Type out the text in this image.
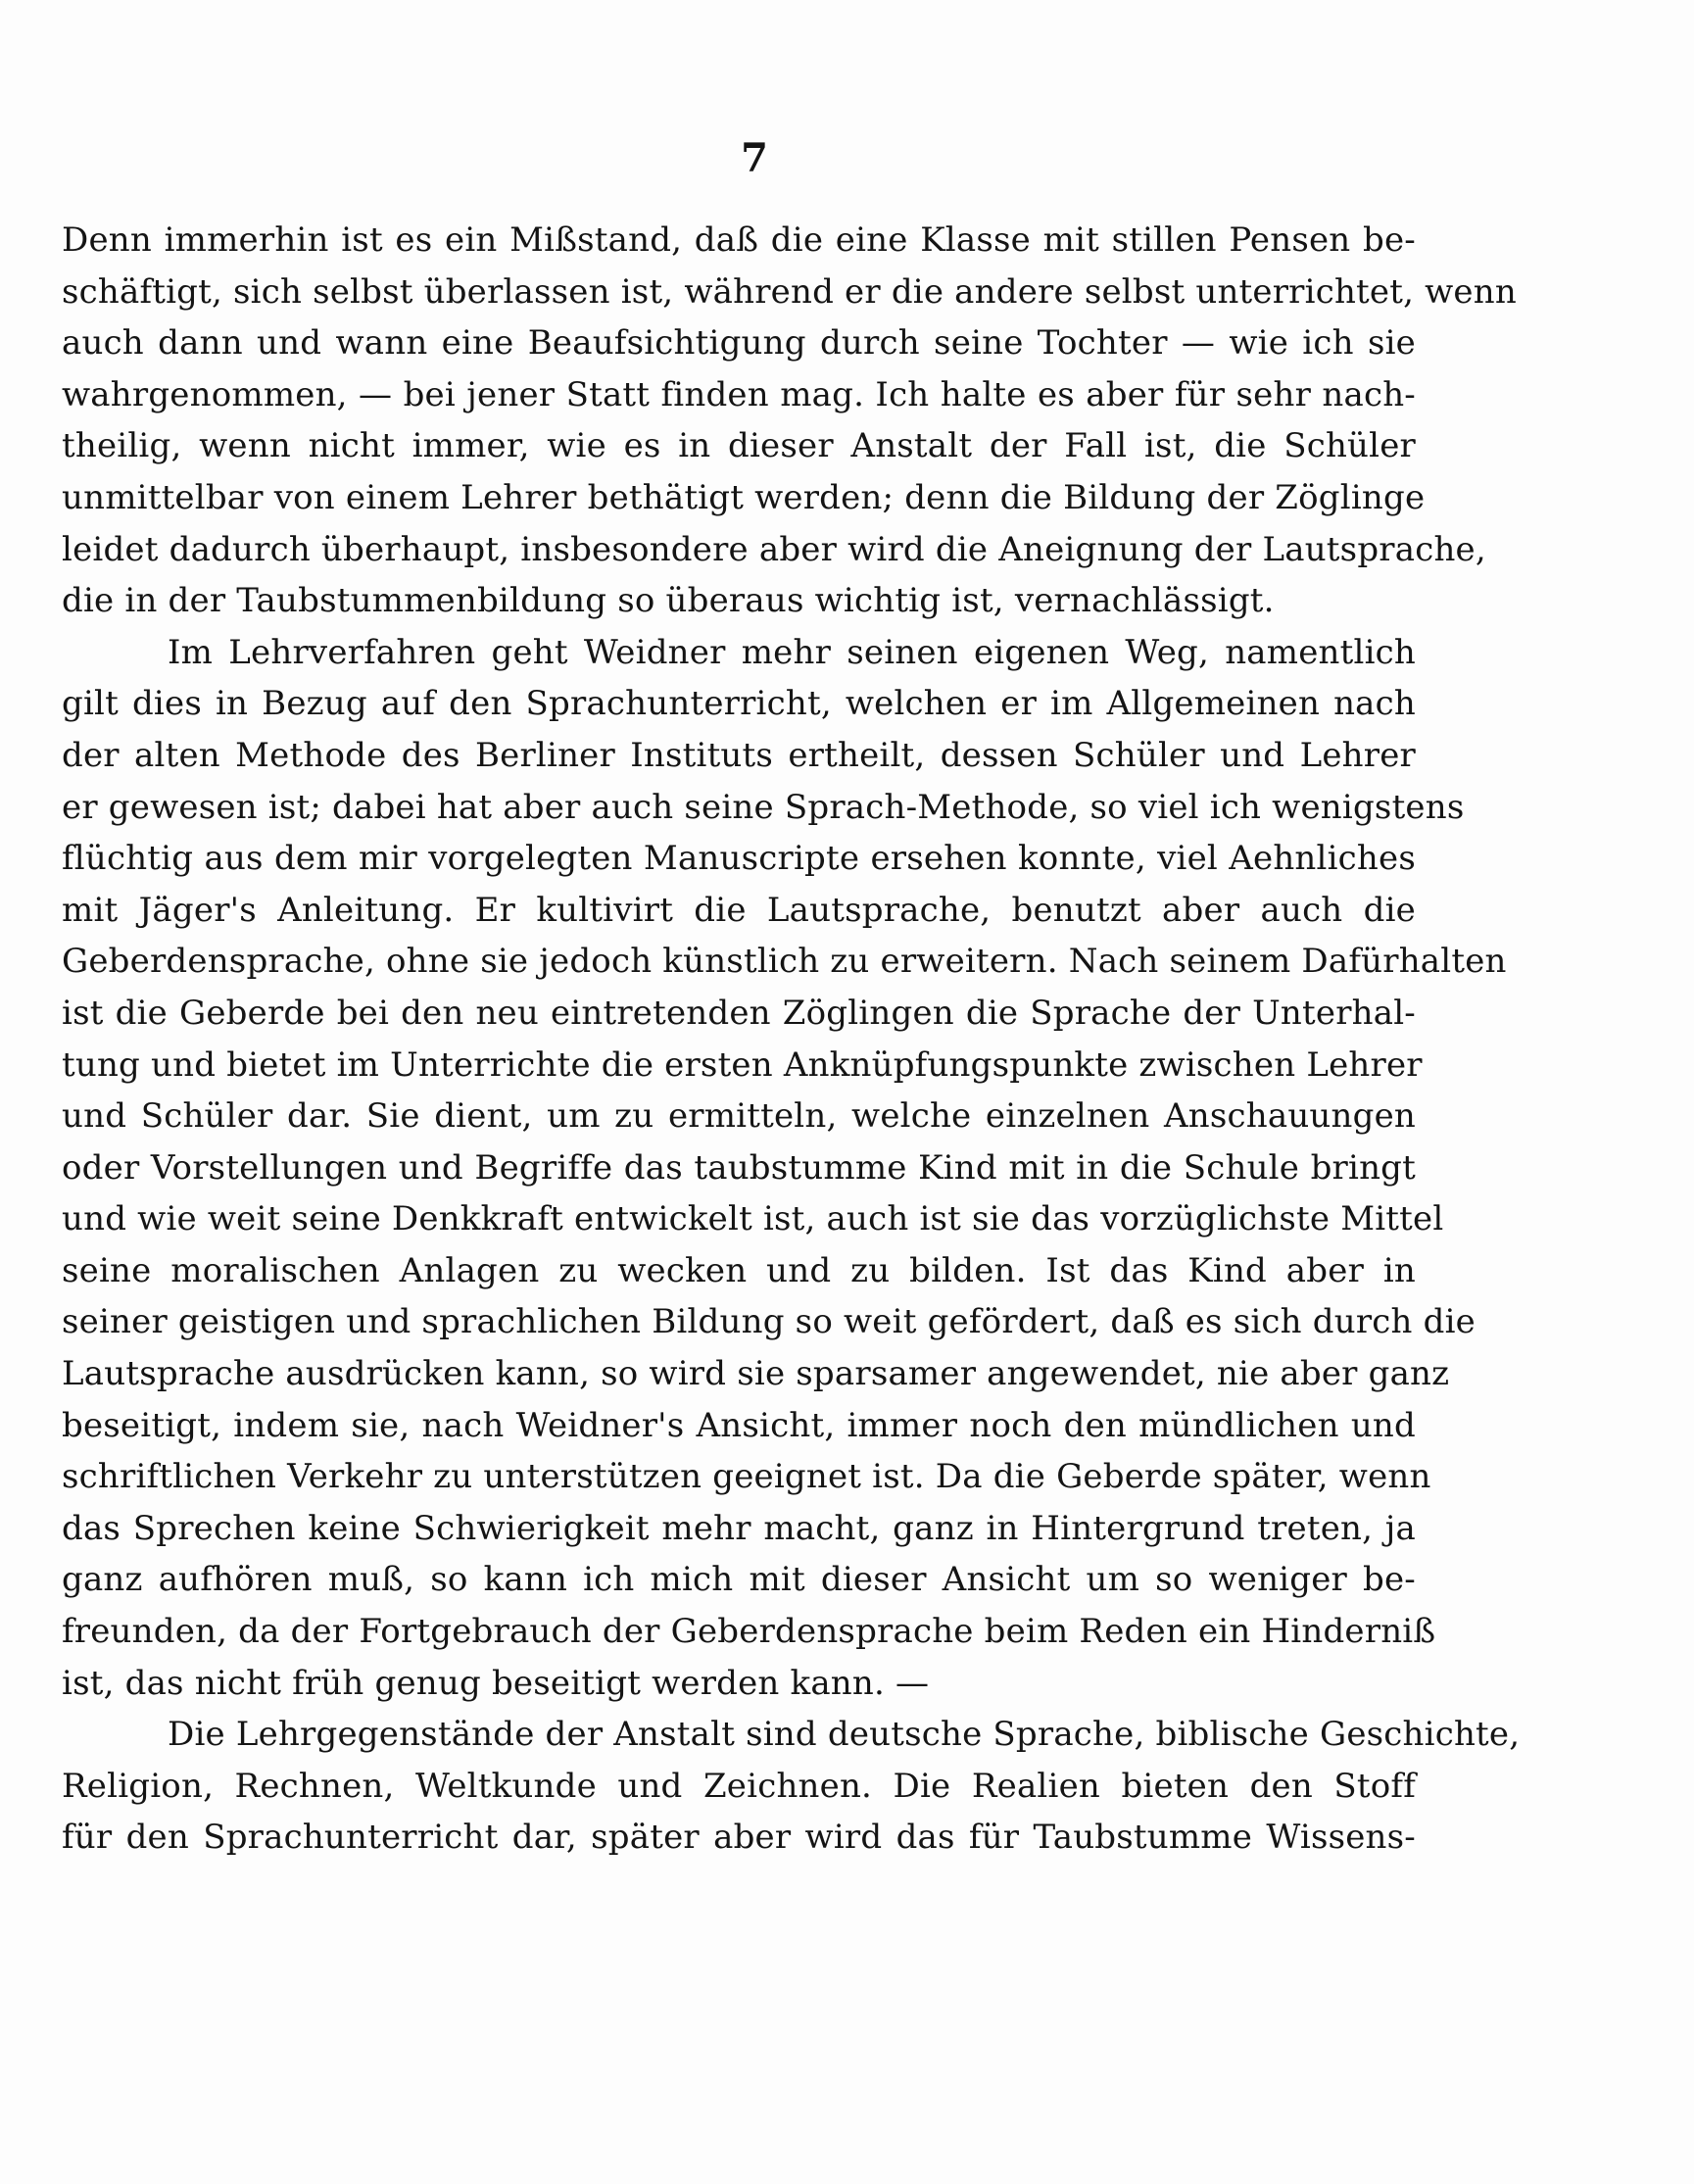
7

Denn immerhin ist es ein Mißstand, daß die eine Klasse mit stillen Pensen be-
schäftigt, sich selbst überlassen ist, während er die andere selbst unterrichtet, wenn
auch dann und wann eine Beaufsichtigung durch seine Tochter — wie ich sie
wahrgenommen, — bei jener Statt finden mag. Ich halte es aber für sehr nach-
theilig, wenn nicht immer, wie es in dieser Anstalt der Fall ist, die Schüler
unmittelbar von einem Lehrer bethätigt werden; denn die Bildung der Zöglinge
leidet dadurch überhaupt, insbesondere aber wird die Aneignung der Lautsprache,
die in der Taubstummenbildung so überaus wichtig ist, vernachlässigt.

Im Lehrverfahren geht Weidner mehr seinen eigenen Weg, namentlich
gilt dies in Bezug auf den Sprachunterricht, welchen er im Allgemeinen nach
der alten Methode des Berliner Instituts ertheilt, dessen Schüler und Lehrer
er gewesen ist; dabei hat aber auch seine Sprach-Methode, so viel ich wenigstens
flüchtig aus dem mir vorgelegten Manuscripte ersehen konnte, viel Aehnliches
mit Jäger's Anleitung. Er kultivirt die Lautsprache, benutzt aber auch die
Geberdensprache, ohne sie jedoch künstlich zu erweitern. Nach seinem Dafürhalten
ist die Geberde bei den neu eintretenden Zöglingen die Sprache der Unterhal-
tung und bietet im Unterrichte die ersten Anknüpfungspunkte zwischen Lehrer
und Schüler dar. Sie dient, um zu ermitteln, welche einzelnen Anschauungen
oder Vorstellungen und Begriffe das taubstumme Kind mit in die Schule bringt
und wie weit seine Denkkraft entwickelt ist, auch ist sie das vorzüglichste Mittel
seine moralischen Anlagen zu wecken und zu bilden. Ist das Kind aber in
seiner geistigen und sprachlichen Bildung so weit gefördert, daß es sich durch die
Lautsprache ausdrücken kann, so wird sie sparsamer angewendet, nie aber ganz
beseitigt, indem sie, nach Weidner's Ansicht, immer noch den mündlichen und
schriftlichen Verkehr zu unterstützen geeignet ist. Da die Geberde später, wenn
das Sprechen keine Schwierigkeit mehr macht, ganz in Hintergrund treten, ja
ganz aufhören muß, so kann ich mich mit dieser Ansicht um so weniger be-
freunden, da der Fortgebrauch der Geberdensprache beim Reden ein Hinderniß
ist, das nicht früh genug beseitigt werden kann. —

Die Lehrgegenstände der Anstalt sind deutsche Sprache, biblische Geschichte,
Religion, Rechnen, Weltkunde und Zeichnen. Die Realien bieten den Stoff
für den Sprachunterricht dar, später aber wird das für Taubstumme Wissens-
